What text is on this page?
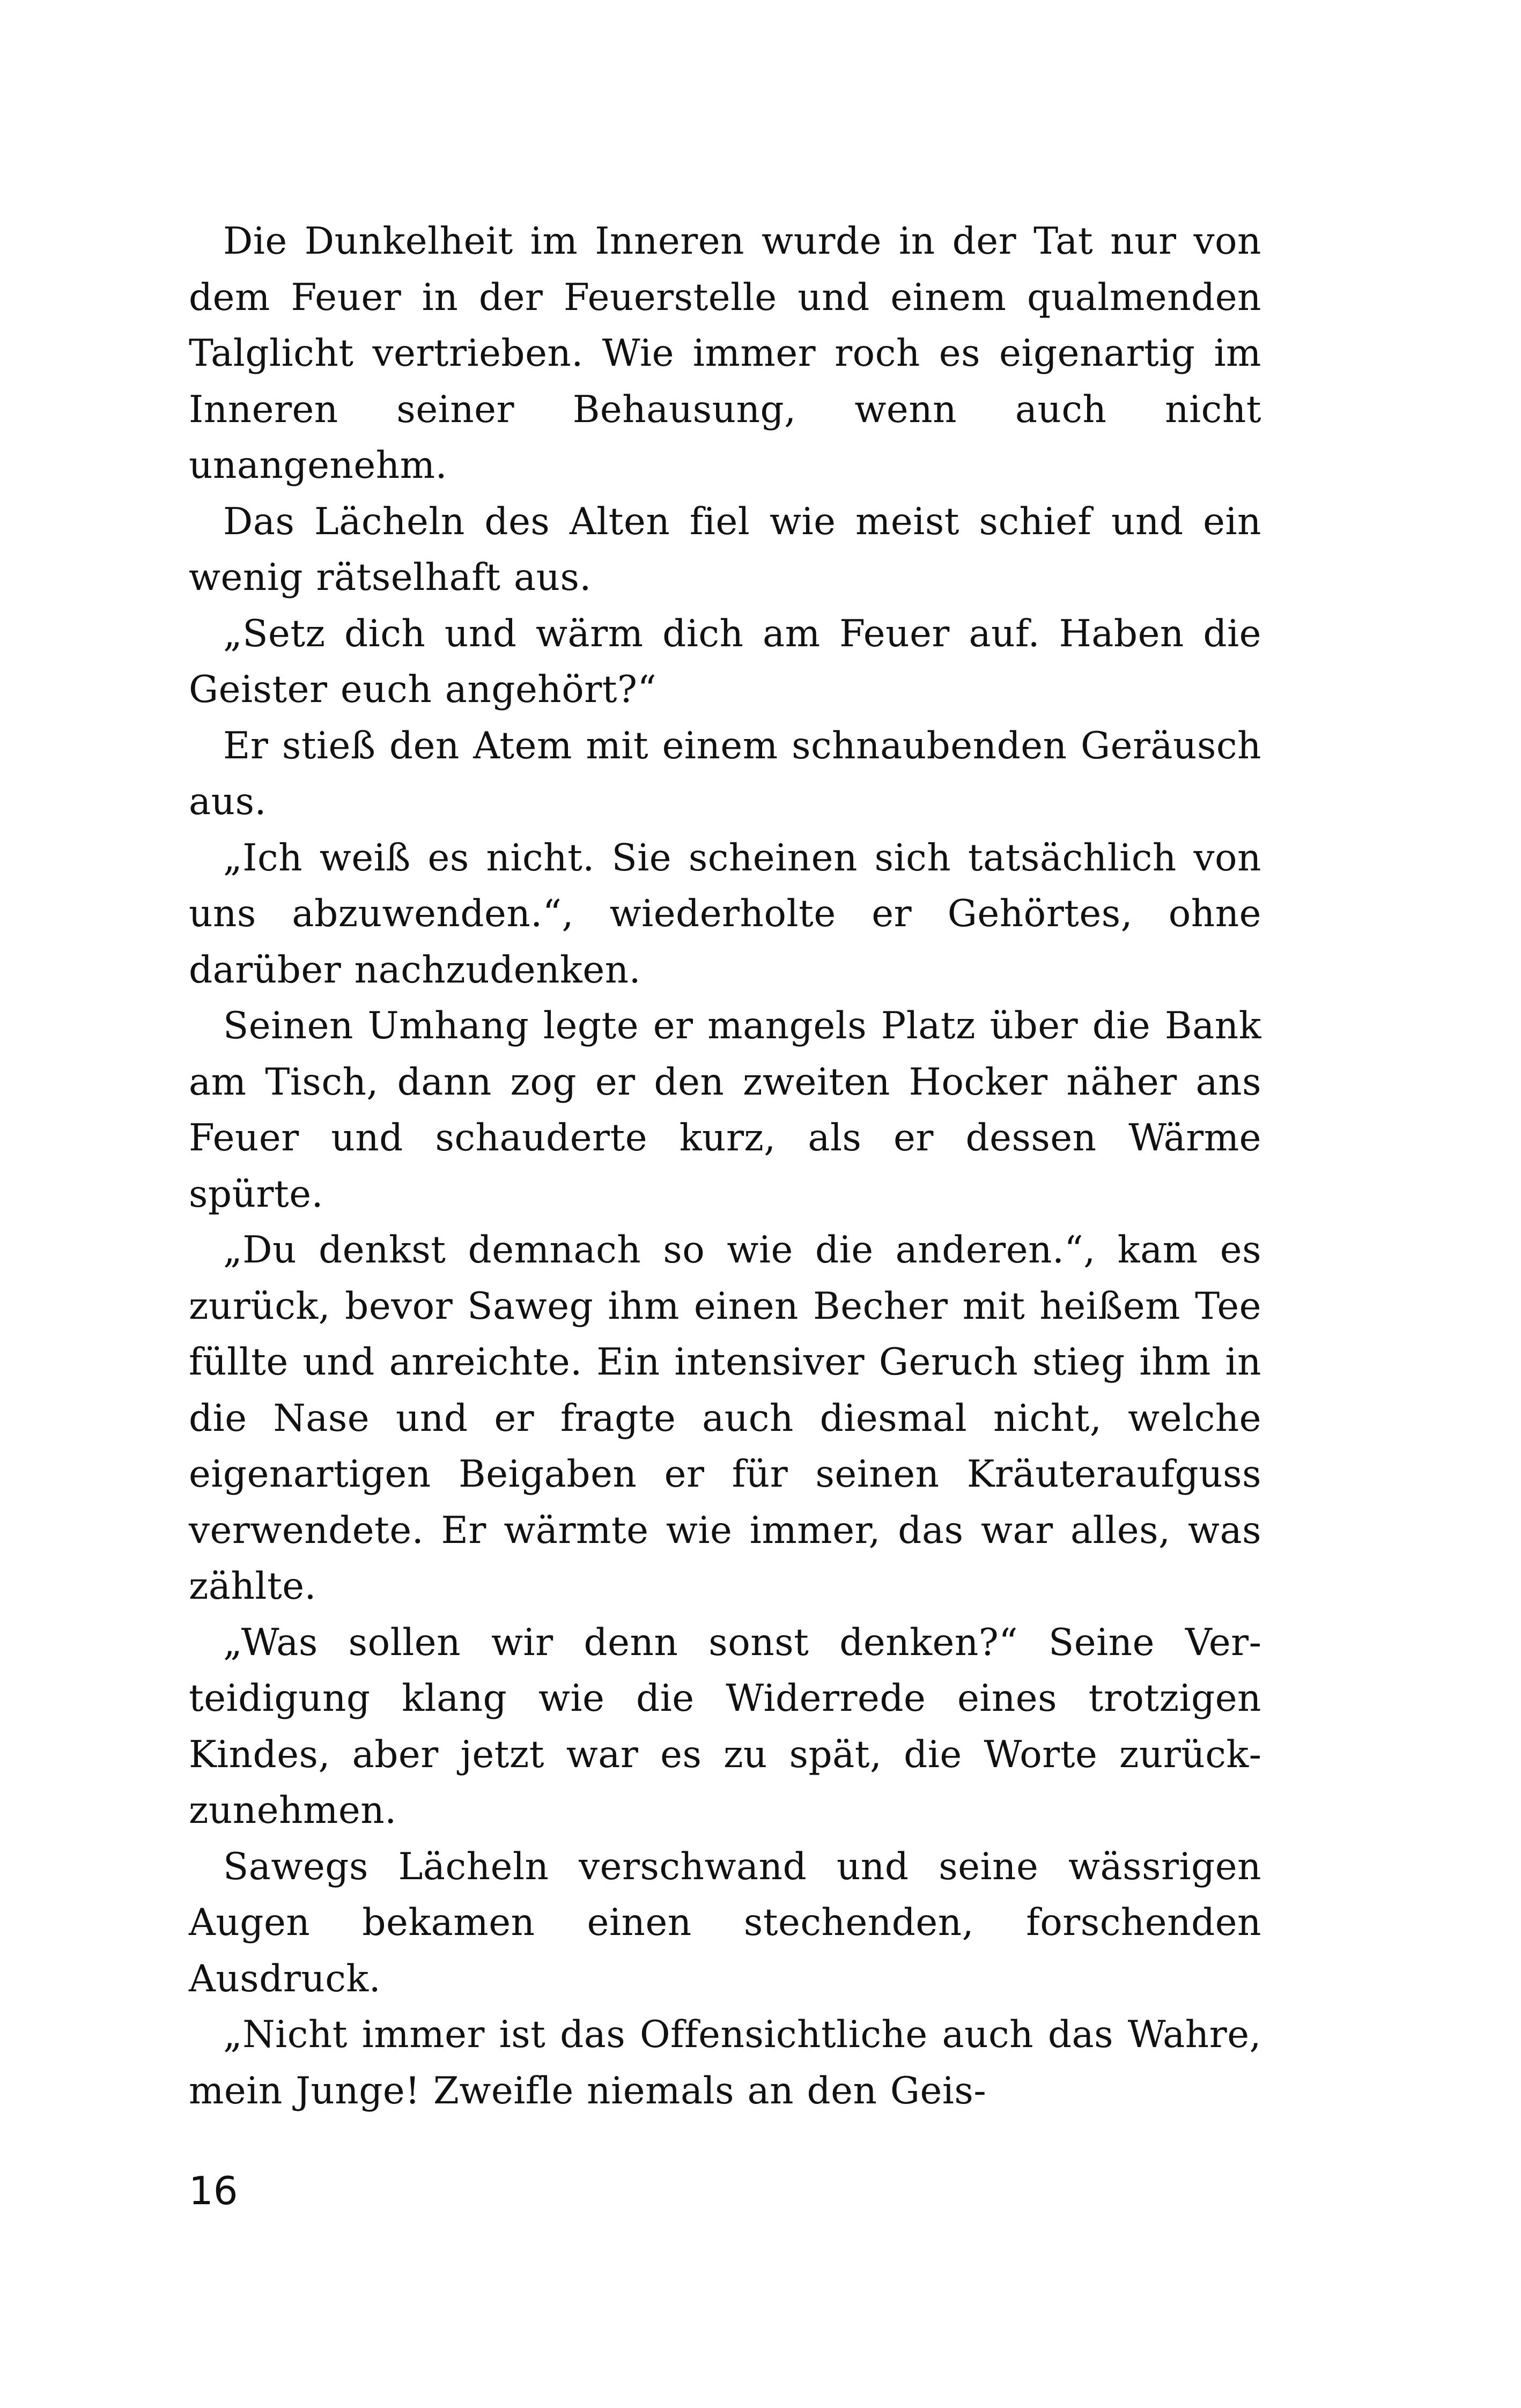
Die Dunkelheit im Inneren wurde in der Tat nur von dem Feuer in der Feuerstelle und einem qualmenden Talglicht vertrieben. Wie immer roch es eigenartig im Inneren seiner Behausung, wenn auch nicht unangenehm.

Das Lächeln des Alten fiel wie meist schief und ein wenig rätselhaft aus.

„Setz dich und wärm dich am Feuer auf. Haben die Geister euch angehört?“

Er stieß den Atem mit einem schnaubenden Geräusch aus.

„Ich weiß es nicht. Sie scheinen sich tatsächlich von uns abzuwenden.“, wiederholte er Gehörtes, ohne darüber nachzudenken.

Seinen Umhang legte er mangels Platz über die Bank am Tisch, dann zog er den zweiten Hocker näher ans Feuer und schauderte kurz, als er dessen Wärme spürte.

„Du denkst demnach so wie die anderen.“, kam es zurück, bevor Saweg ihm einen Becher mit heißem Tee füllte und anreichte. Ein intensiver Geruch stieg ihm in die Nase und er fragte auch diesmal nicht, welche eigenartigen Beigaben er für seinen Kräuteraufguss verwendete. Er wärmte wie immer, das war alles, was zählte.

„Was sollen wir denn sonst denken?“ Seine Verteidigung klang wie die Widerrede eines trotzigen Kindes, aber jetzt war es zu spät, die Worte zurückzunehmen.

Sawegs Lächeln verschwand und seine wässrigen Augen bekamen einen stechenden, forschenden Ausdruck.

„Nicht immer ist das Offensichtliche auch das Wahre, mein Junge! Zweifle niemals an den Geis-

16
